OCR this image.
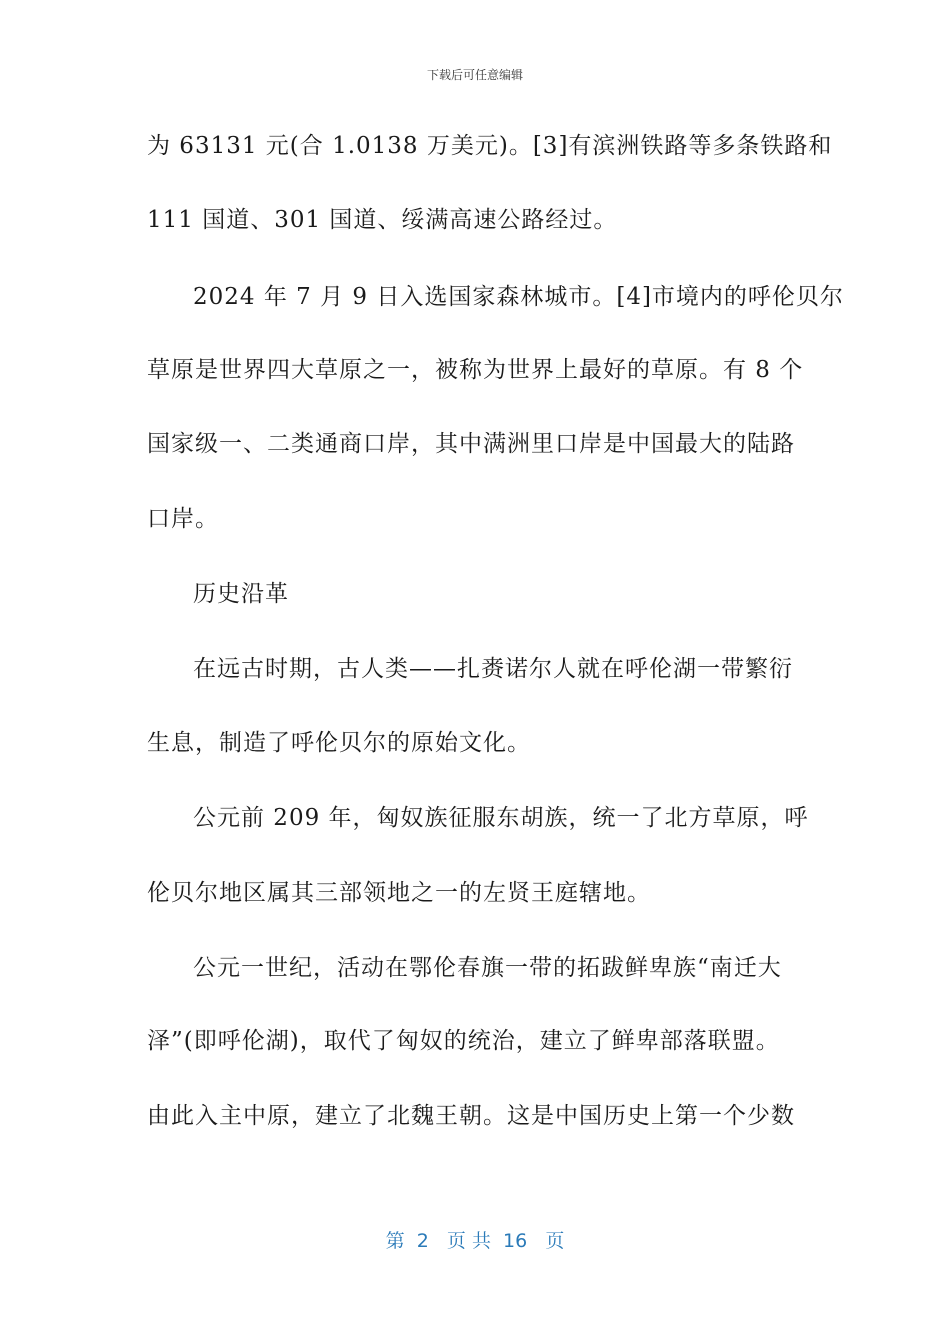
下载后可任意编辑
为 63131 元(合 1.0138 万美元)。[3]有滨洲铁路等多条铁路和
111 国道、301 国道、绥满高速公路经过。
2024 年 7 月 9 日入选国家森林城市。[4]市境内的呼伦贝尔
草原是世界四大草原之一，被称为世界上最好的草原。有 8 个
国家级一、二类通商口岸，其中满洲里口岸是中国最大的陆路
口岸。
历史沿革
在远古时期，古人类——扎赉诺尔人就在呼伦湖一带繁衍
生息，制造了呼伦贝尔的原始文化。
公元前 209 年，匈奴族征服东胡族，统一了北方草原，呼
伦贝尔地区属其三部领地之一的左贤王庭辖地。
公元一世纪，活动在鄂伦春旗一带的拓跋鲜卑族“南迁大
泽”(即呼伦湖)，取代了匈奴的统治，建立了鲜卑部落联盟。
由此入主中原，建立了北魏王朝。这是中国历史上第一个少数
第  2   页 共  16   页
